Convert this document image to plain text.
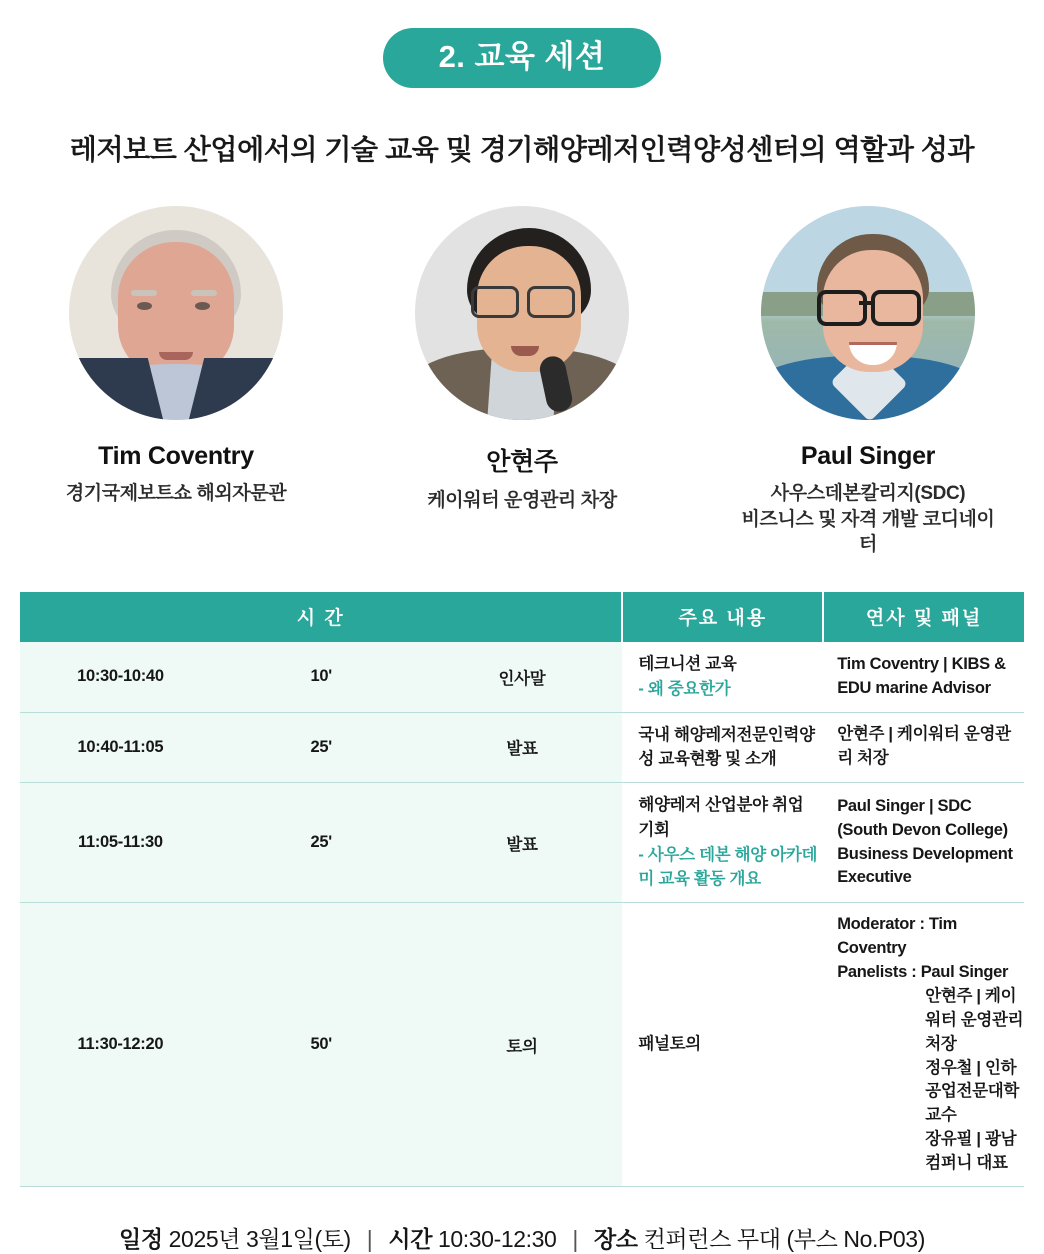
2. 교육 세션
레저보트 산업에서의 기술 교육 및 경기해양레저인력양성센터의 역할과 성과
Tim Coventry
경기국제보트쇼 해외자문관
안현주
케이워터 운영관리 차장
Paul Singer
사우스데본칼리지(SDC)
비즈니스 및 자격 개발 코디네이터
시 간			주요 내용	연사 및 패널
10:30-10:40	10'	인사말	테크니션 교육
- 왜 중요한가	Tim Coventry | KIBS & EDU marine Advisor
10:40-11:05	25'	발표	국내 해양레저전문인력양성 교육현황 및 소개	안현주 | 케이워터 운영관리 처장
11:05-11:30	25'	발표	해양레저 산업분야 취업 기회
- 사우스 데본 해양 아카데미 교육 활동 개요	Paul Singer | SDC (South Devon College)
Business Development Executive
11:30-12:20	50'	토의	패널토의	Moderator : Tim Coventry
Panelists : Paul Singer
안현주 | 케이워터 운영관리 처장
정우철 | 인하공업전문대학 교수
장유필 | 광남컴퍼니 대표
일정 2025년 3월1일(토) | 시간 10:30-12:30 | 장소 컨퍼런스 무대 (부스 No.P03)
